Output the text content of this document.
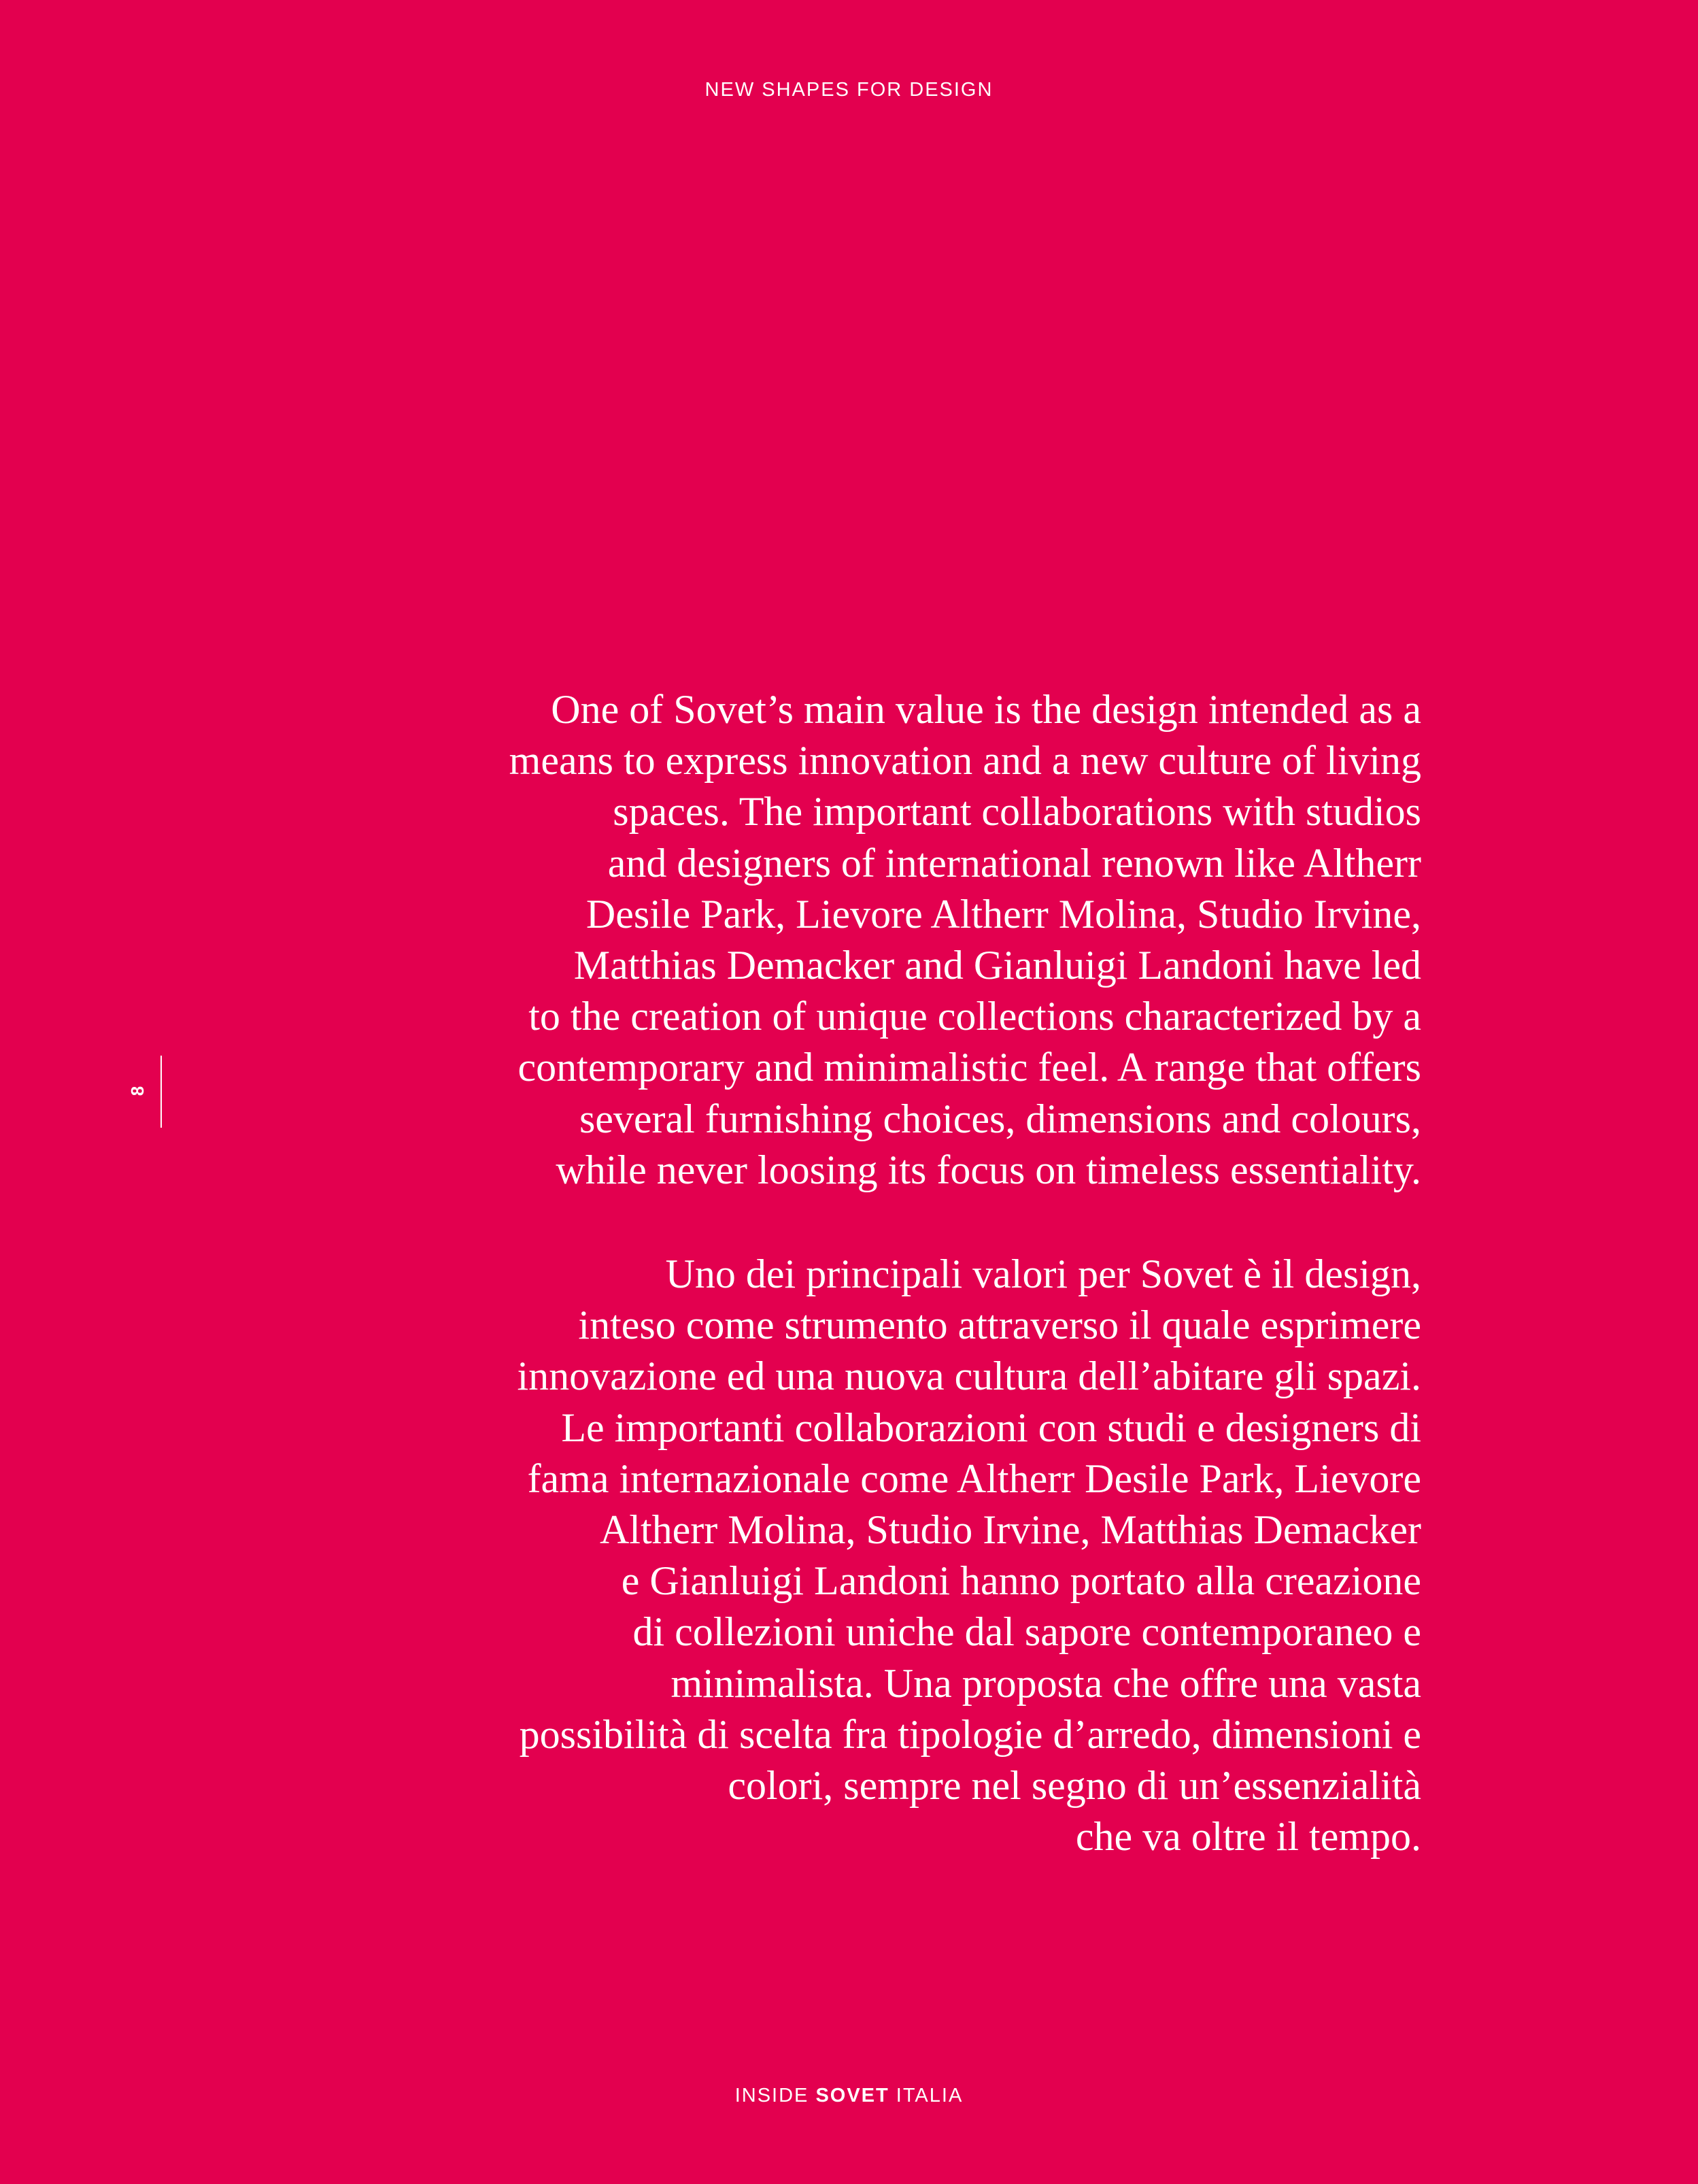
NEW SHAPES FOR DESIGN
One of Sovet’s main value is the design intended as a
means to express innovation and a new culture of living
spaces. The important collaborations with studios
and designers of international renown like Altherr
Desile Park, Lievore Altherr Molina, Studio Irvine,
Matthias Demacker and Gianluigi Landoni have led
to the creation of unique collections characterized by a
contemporary and minimalistic feel. A range that offers
several furnishing choices, dimensions and colours,
while never loosing its focus on timeless essentiality.
Uno dei principali valori per Sovet è il design,
inteso come strumento attraverso il quale esprimere
innovazione ed una nuova cultura dell’abitare gli spazi.
Le importanti collaborazioni con studi e designers di
fama internazionale come Altherr Desile Park, Lievore
Altherr Molina, Studio Irvine, Matthias Demacker
e Gianluigi Landoni hanno portato alla creazione
di collezioni uniche dal sapore contemporaneo e
minimalista. Una proposta che offre una vasta
possibilità di scelta fra tipologie d’arredo, dimensioni e
colori, sempre nel segno di un’essenzialità
che va oltre il tempo.
8
INSIDE SOVET ITALIA
